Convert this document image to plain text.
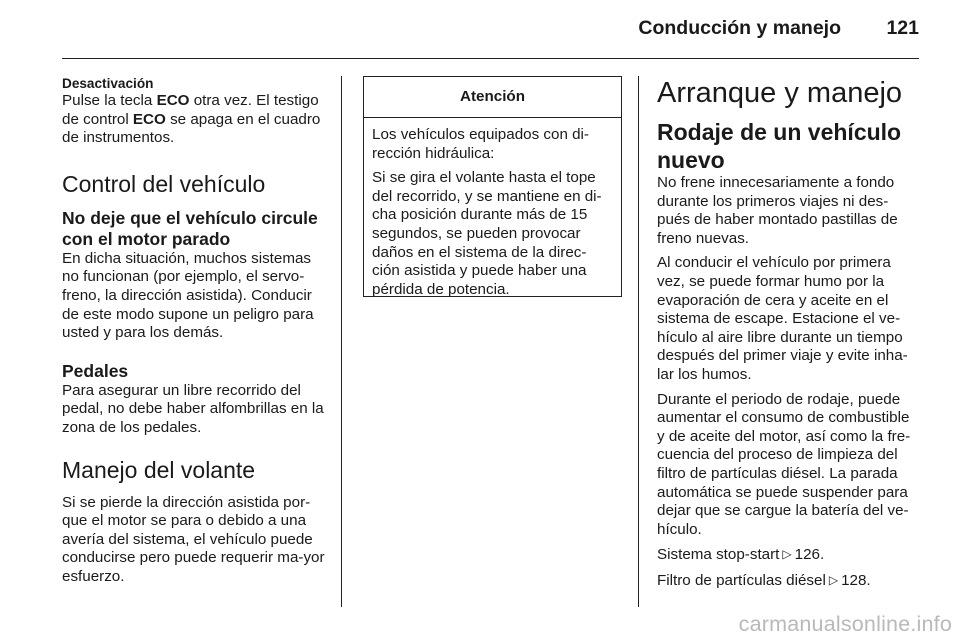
Conducción y manejo 121
Desactivación

Pulse la tecla ECO otra vez. El testigo de control ECO se apaga en el cuadro de instrumentos.

Control del vehículo
No deje que el vehículo circule con el motor parado

En dicha situación, muchos sistemas no funcionan (por ejemplo, el servo-freno, la dirección asistida). Conducir de este modo supone un peligro para usted y para los demás.

Pedales

Para asegurar un libre recorrido del pedal, no debe haber alfombrillas en la zona de los pedales.

Manejo del volante

Si se pierde la dirección asistida por-que el motor se para o debido a una avería del sistema, el vehículo puede conducirse pero puede requerir ma-yor esfuerzo.

Atención

Los vehículos equipados con di-rección hidráulica:

Si se gira el volante hasta el tope del recorrido, y se mantiene en di-cha posición durante más de 15 segundos, se pueden provocar daños en el sistema de la direc-ción asistida y puede haber una pérdida de potencia.

Arranque y manejo
Rodaje de un vehículo nuevo

No frene innecesariamente a fondo durante los primeros viajes ni des-pués de haber montado pastillas de freno nuevas.

Al conducir el vehículo por primera vez, se puede formar humo por la evaporación de cera y aceite en el sistema de escape. Estacione el ve-hículo al aire libre durante un tiempo después del primer viaje y evite inha-lar los humos.

Durante el periodo de rodaje, puede aumentar el consumo de combustible y de aceite del motor, así como la fre-cuencia del proceso de limpieza del filtro de partículas diésel. La parada automática se puede suspender para dejar que se cargue la batería del ve-hículo.

Sistema stop-start ▷ 126.

Filtro de partículas diésel ▷ 128.

carmanualsonline.info
